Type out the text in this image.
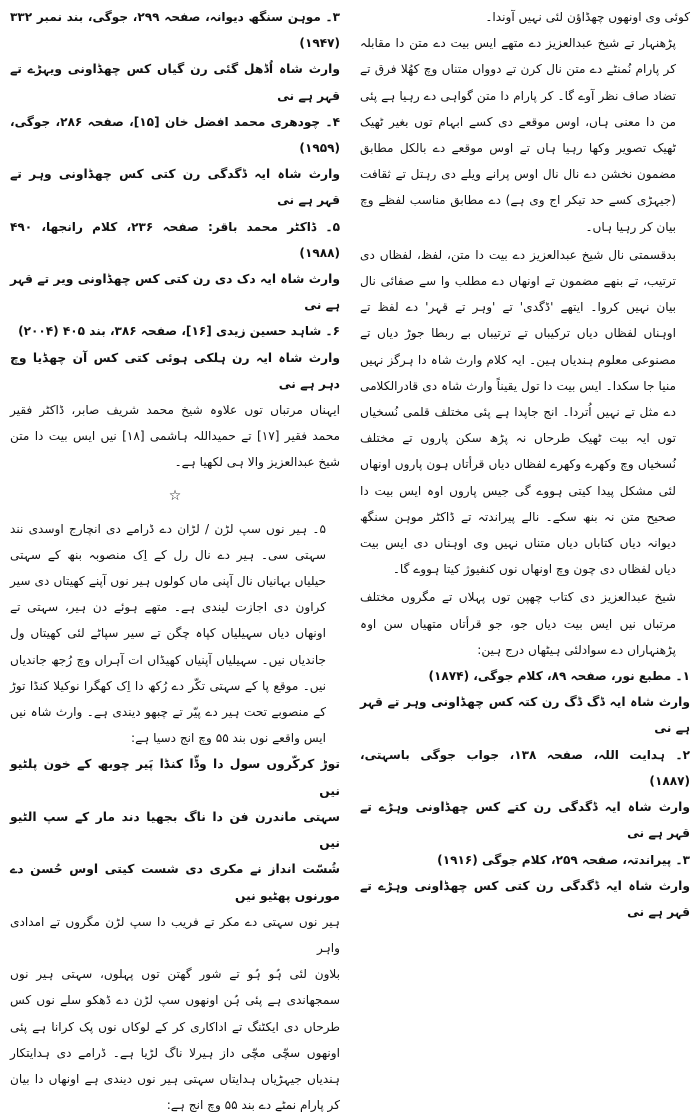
کوئی وی اونھوں چھڈاؤن لئی نہیں آوندا۔

پڑھنہار تے شیخ عبدالعزیز دے متھے ایس بیت دے متن دا مقابلہ کر پارام نُمنٹے دے متن نال کرن تے دوواں متناں وچ کھُلا فرق تے تضاد صاف نظر آوے گا۔ کر پارام دا متن گواہی دے رہیا ہے پئی من دا معنی ہاں، اوس موقعے دی کسے ابہام توں بغیر ٹھیک ٹھیک تصویر وکھا رہیا ہاں تے اوس موقعے دے بالکل مطابق مضمون نخشن دے نال نال اوس پرانے ویلے دی رہتل تے ثقافت (جیہڑی کسے حد تیکر اج وی ہے) دے مطابق مناسب لفظے وچ بیان کر رہیا ہاں۔

بدقسمتی نال شیخ عبدالعزیز دے بیت دا متن، لفظ، لفظاں دی ترتیب، تے بنھے مضمون تے اونھاں دے مطلب وا سے صفائی نال بیان نہیں کروا۔ ایتھے 'ڈگدی' تے 'وہر تے قہر' دے لفظ تے اوہناں لفظاں دیاں ترکیباں تے ترتیباں بے ربطا جوڑ دیاں تے مصنوعی معلوم ہندیاں ہین۔ ایہ کلام وارث شاہ دا ہرگز نہیں منیا جا سکدا۔ ایس بیت دا تول یقیناً وارث شاہ دی قادرالکلامی دے مثل تے نہیں اُتردا۔ انج جاپدا ہے پئی مختلف قلمی نُسخیاں توں ایہ بیت ٹھیک طرحاں نہ پڑھ سکن پاروں تے مختلف نُسخیاں وچ وکھرے وکھرے لفظاں دیاں قرأتاں ہون پاروں اونھاں لئی مشکل پیدا کیتی ہووے گی جیس پاروں اوہ ایس بیت دا صحیح متن نہ بنھ سکے۔ نالے پیراندتہ تے ڈاکٹر موہن سنگھ دیوانہ دیاں کتاباں دیاں متناں نہیں وی اوہناں دی ایس بیت دیاں لفظاں دی چون وچ اونھاں نوں کنفیوژ کیتا ہووے گا۔

شیخ عبدالعزیز دی کتاب چھپن توں پہلاں تے مگروں مختلف مرتباں نیں ایس بیت دیاں جو، جو قرأتاں متھیاں سن اوہ پڑھنہاراں دے سوادلئی ہیٹھاں درج ہین:

۱۔ مطبع نور، صفحہ ۸۹، کلام جوگی، (۱۸۷۴)

وارث شاہ ایہ ڈگ ڈگ رن کتہ کس چھڈاونی وہر تے قہر ہے نی

۲۔ ہدایت اللہ، صفحہ ۱۳۸، جواب جوگی باسہتی، (۱۸۸۷)

وارث شاہ ایہ ڈگدگی رن کتے کس چھڈاونی وہڑے تے قہر ہے نی

۳۔ پیراندتہ، صفحہ ۲۵۹، کلام جوگی (۱۹۱۶)

وارث شاہ ایہ ڈگدگی رن کتی کس چھڈاونی وہڑے تے قہر ہے نی

۳۔ موہن سنگھ دیوانہ، صفحہ ۲۹۹، جوگی، بند نمبر ۳۳۲ (۱۹۴۷)

وارث شاہ اُڈھل گئی رن گیاں کس چھڈاونی ویہڑے تے قہر ہے نی

۴۔ چودھری محمد افضل خان [۱۵]، صفحہ ۲۸۶، جوگی، (۱۹۵۹)

وارث شاہ ایہ ڈگدگی رن کتی کس چھڈاونی وہر تے قہر ہے نی

۵۔ ڈاکٹر محمد باقر: صفحہ ۲۳۶، کلام رانجھا، ۴۹۰ (۱۹۸۸)

وارث شاہ ایہ دک دی رن کتی کس چھڈاونی ویر تے قہر ہے نی

۶۔ شاہد حسین زیدی [۱۶]، صفحہ ۳۸۶، بند ۴۰۵ (۲۰۰۴)

وارث شاہ ایہ رن ہلکی ہوئی کتی کس آن چھڈیا وچ دہر ہے نی

ایہناں مرتباں توں علاوہ شیخ محمد شریف صابر، ڈاکٹر فقیر محمد فقیر [۱۷] تے حمیداللہ ہاشمی [۱۸] نیں ایس بیت دا متن شیخ عبدالعزیز والا ہی لکھیا ہے۔

☆

۵۔ ہیر نوں سپ لڑن / لڑان دے ڈرامے دی انچارج اوسدی نند سہتی سی۔ ہیر دے نال رل کے اِک منصوبہ بنھ کے سہتی حیلیاں بہانیاں نال آپنی ماں کولوں ہیر نوں آپنے کھیتاں دی سیر کراون دی اجازت لیندی ہے۔ متھے ہوئے دن ہیر، سہتی تے اونھاں دیاں سہیلیاں کپاہ چگن تے سیر سپاٹے لئی کھیتاں ول جاندیاں نیں۔ سہیلیاں آپنیاں کھیڈاں ات آہراں وچ رُجھ جاندیاں نیں۔ موقع پا کے سہتی تکّر دے رُکھ دا اِک کھگرا نوکیلا کنڈا توڑ کے منصوبے تحت ہیر دے پیّر تے چبھو دیندی ہے۔ وارث شاہ نیں ایس واقعے نوں بند ۵۵ وچ انج دسیا ہے:

توڑ کرکّروں سول دا وڈّا کنڈا پَیر چوبھ کے خون پلٹیو نیں

سہتی ماندرن فن دا ناگ بجھیا دند مار کے سپ الٹیو نیں

شُسّت انداز نے مکری دی شست کیتی اوس حُسن دے مورنوں پھٹیو نیں

ہیر نوں سہتی دے مکر تے فریب دا سپ لڑن مگروں تے امدادی واہر

بلاون لئی ہُو ہُو تے شور گھتن توں پہلوں، سہتی ہیر نوں سمجھاندی ہے پئی ہُن اونھوں سپ لڑن دے ڈھکو سلے نوں کس طرحاں دی ایکٹنگ تے اداکاری کر کے لوکاں نوں پک کرانا ہے پئی اونھوں سچّی مچّی داز ہیرلا ناگ لڑیا ہے۔ ڈرامے دی ہدایتکار ہندیاں جیہڑیاں ہدایتاں سہتی ہیر نوں دیندی ہے اونھاں دا بیان کر پارام نمٹے دے بند ۵۵ وچ انج ہے:
